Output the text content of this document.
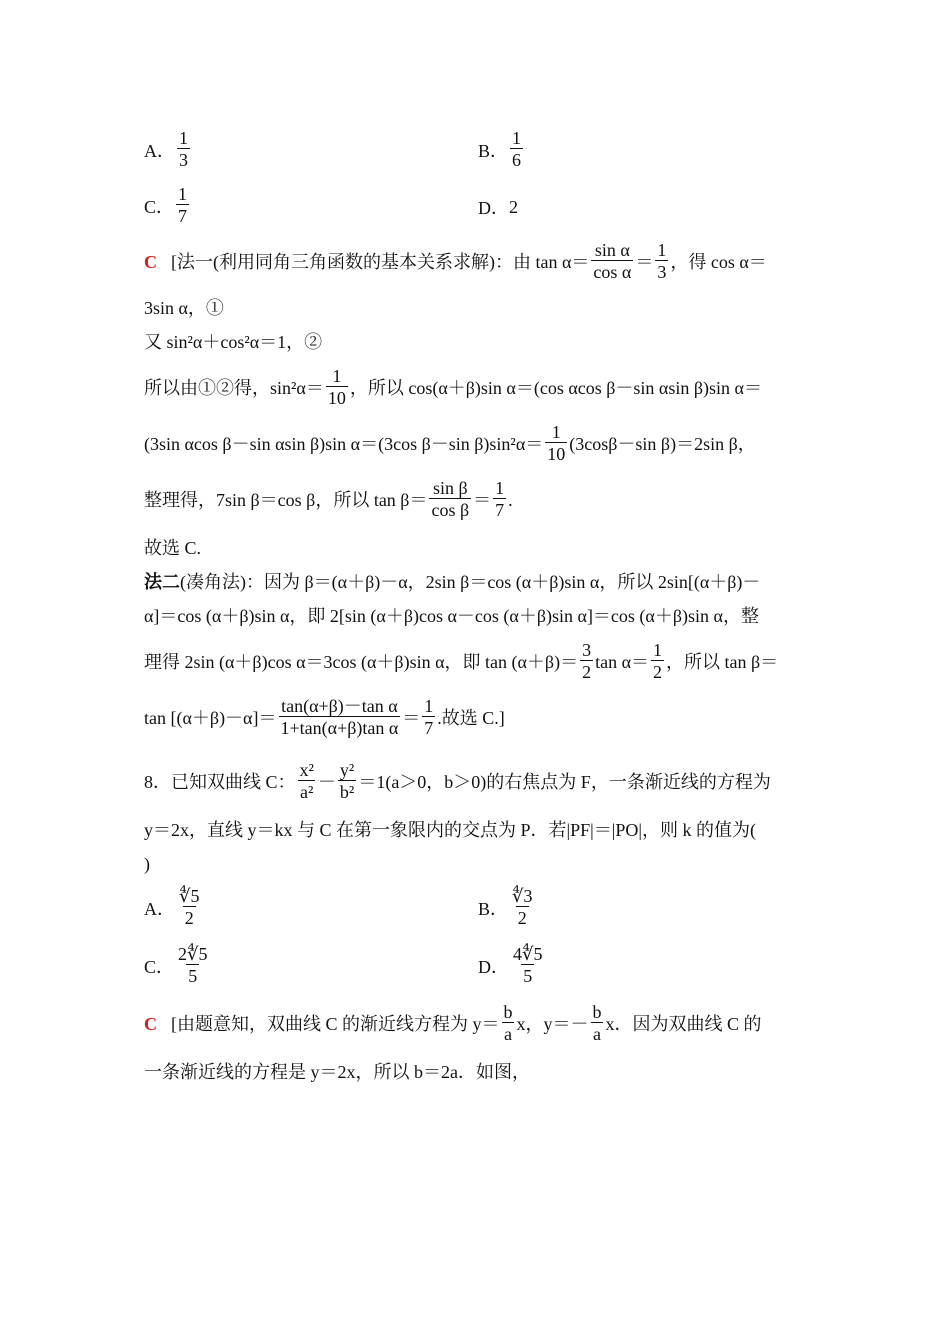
A． $\frac{1}{3}$	B． $\frac{1}{6}$
C． $\frac{1}{7}$	D． 2
C [法一(利用同角三角函数的基本关系求解)：由 $\tan \alpha= \frac{\text{sin α}}{\text{cos α}} = \frac{1}{3}$ ，得 cos α＝
3sin α，①
又 sin²α＋cos²α＝1，②
所以由①②得，$\sin^2\alpha= \frac{1}{10}$ ，所以 cos(α＋β)sin α＝(cos αcos β－sin αsin β)sin α＝
(3sin αcos β－sin αsin β)sin α＝(3cos β－sin $\beta)\sin^2\alpha= \frac{1}{10} (3\cos\beta-\sin$ β)＝2sin β，
整理得，7sin β＝cos β，所以 $\tan \beta= \frac{\text{sin β}}{\text{cos β}} = \frac{1}{7}$ .
故选 C.
法二(凑角法)：因为 β＝(α＋β)－α，2sin β＝cos (α＋β)sin α，所以 2sin[(α＋β)－
α]＝cos (α＋β)sin α，即 2[sin (α＋β)cos α－cos (α＋β)sin α]＝cos (α＋β)sin α，整
理得 2sin (α＋β)cos α＝3cos (α＋β)sin α，即 $\tan (\alpha+\beta)= \frac{3}{2}$ $\tan \alpha= \frac{1}{2}$ ，所以 tan β＝
$\tan [(\alpha+\beta)-\alpha]= \frac{\text{tan(α+β)－tan α}}{\text{1+tan(α+β)tan α}} = \frac{1}{7}$ .故选 C.]
8．已知双曲线 C： $\frac{\text{x²}}{\text{a²}} - \frac{\text{y²}}{\text{b²}} =1(a>0$，b＞0)的右焦点为 F，一条渐近线的方程为
y＝2x，直线 y＝kx 与 C 在第一象限内的交点为 P．若|PF|＝|PO|，则 k 的值为(
)
A． $\frac{∜5}{2}$	B． $\frac{∜3}{2}$
C． $\frac{2∜5}{5}$	D． $\frac{4∜5}{5}$
C [由题意知，双曲线 C 的渐近线方程为 $y= \frac{b}{a}$ x，$y=- \frac{b}{a}$ x．因为双曲线 C 的
一条渐近线的方程是 y＝2x，所以 b＝2a．如图，
